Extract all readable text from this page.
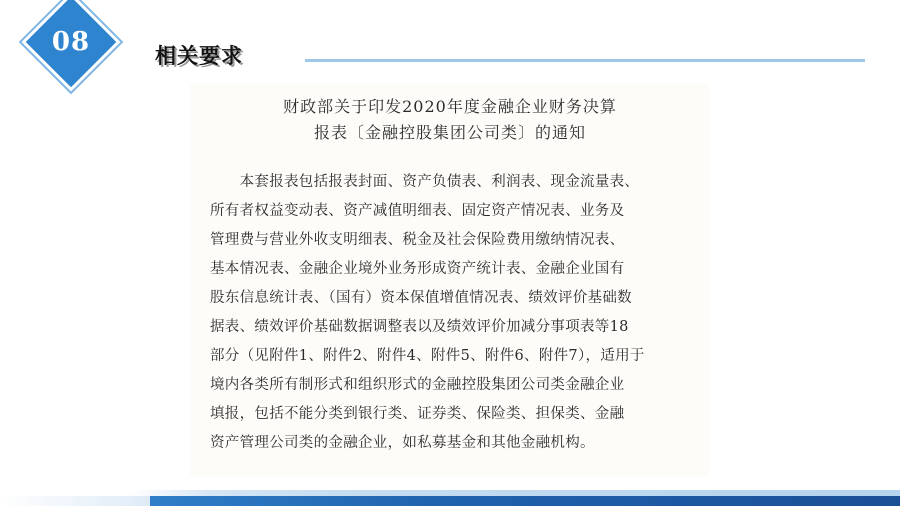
08	相关要求
财政部关于印发2020年度金融企业财务决算
报表〔金融控股集团公司类〕的通知
　　本套报表包括报表封面、资产负债表、利润表、现金流量表、
所有者权益变动表、资产减值明细表、固定资产情况表、业务及
管理费与营业外收支明细表、税金及社会保险费用缴纳情况表、
基本情况表、金融企业境外业务形成资产统计表、金融企业国有
股东信息统计表、（国有）资本保值增值情况表、绩效评价基础数
据表、绩效评价基础数据调整表以及绩效评价加减分事项表等18
部分（见附件1、附件2、附件4、附件5、附件6、附件7），适用于
境内各类所有制形式和组织形式的金融控股集团公司类金融企业
填报，包括不能分类到银行类、证券类、保险类、担保类、金融
资产管理公司类的金融企业，如私募基金和其他金融机构。
